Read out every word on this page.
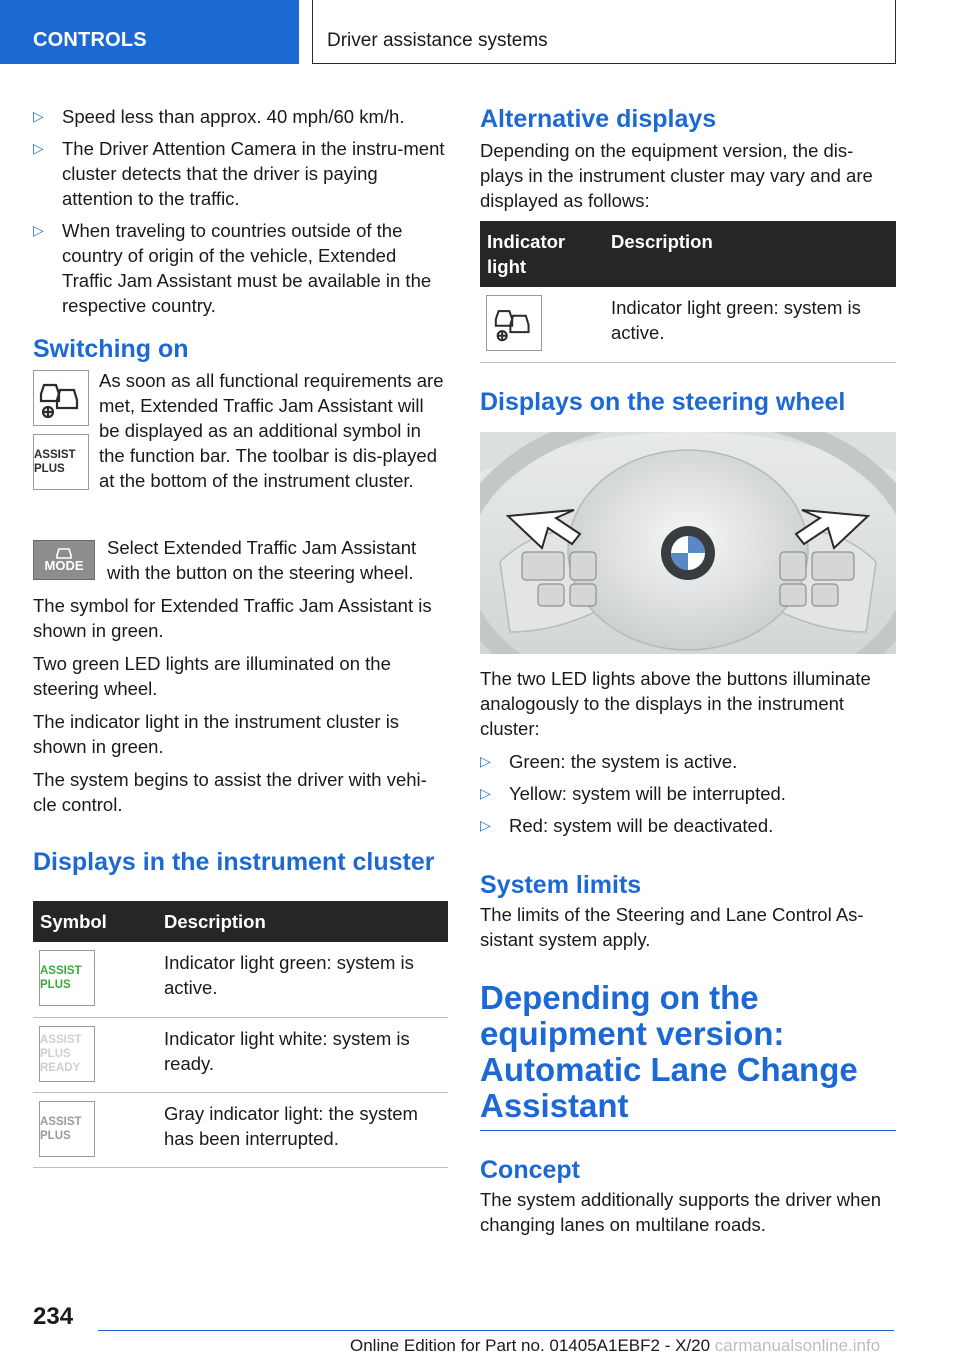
CONTROLS	Driver assistance systems
▷ Speed less than approx. 40 mph/60 km/h.
▷ The Driver Attention Camera in the instru-ment cluster detects that the driver is paying attention to the traffic.
▷ When traveling to countries outside of the country of origin of the vehicle, Extended Traffic Jam Assistant must be available in the respective country.
Switching on
ASSIST PLUS
As soon as all functional requirements are met, Extended Traffic Jam Assistant will be displayed as an additional symbol in the function bar. The toolbar is dis-played at the bottom of the instrument cluster.
MODE
Select Extended Traffic Jam Assistant with the button on the steering wheel.

The symbol for Extended Traffic Jam Assistant is shown in green.

Two green LED lights are illuminated on the steering wheel.

The indicator light in the instrument cluster is shown in green.

The system begins to assist the driver with vehi-cle control.

Displays in the instrument cluster
Symbol	Description

ASSIST PLUS	Indicator light green: system is active.

ASSIST PLUS READY	Indicator light white: system is ready.

ASSIST PLUS	Gray indicator light: the system has been interrupted.
Alternative displays

Depending on the equipment version, the dis-plays in the instrument cluster may vary and are displayed as follows:

Indicator light	Description

	Indicator light green: system is active.
Displays on the steering wheel

The two LED lights above the buttons illuminate analogously to the displays in the instrument cluster:

▷ Green: the system is active.
▷ Yellow: system will be interrupted.
▷ Red: system will be deactivated.
System limits

The limits of the Steering and Lane Control As-sistant system apply.

Depending on the equipment version: Automatic Lane Change Assistant
Concept

The system additionally supports the driver when changing lanes on multilane roads.

234
Online Edition for Part no. 01405A1EBF2 - X/20 carmanualsonline.info
